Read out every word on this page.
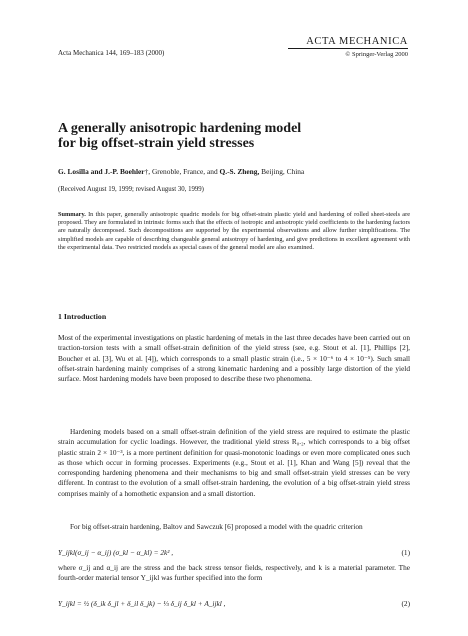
Acta Mechanica 144, 169–183 (2000)
ACTA MECHANICA
© Springer-Verlag 2000
A generally anisotropic hardening model
for big offset-strain yield stresses
G. Losilla and J.-P. Boehler†, Grenoble, France, and Q.-S. Zheng, Beijing, China
(Received August 19, 1999; revised August 30, 1999)
Summary. In this paper, generally anisotropic quadric models for big offset-strain plastic yield and hardening of rolled sheet-steels are proposed. They are formulated in intrinsic forms such that the effects of isotropic and anisotropic yield coefficients to the hardening factors are naturally decomposed. Such decompositions are supported by the experimental observations and allow further simplifications. The simplified models are capable of describing changeable general anisotropy of hardening, and give predictions in excellent agreement with the experimental data. Two restricted models as special cases of the general model are also examined.
1 Introduction
Most of the experimental investigations on plastic hardening of metals in the last three decades have been carried out on traction-torsion tests with a small offset-strain definition of the yield stress (see, e.g. Stout et al. [1], Phillips [2], Boucher et al. [3], Wu et al. [4]), which corresponds to a small plastic strain (i.e., 5 × 10⁻⁶ to 4 × 10⁻⁵). Such small offset-strain hardening mainly comprises of a strong kinematic hardening and a possibly large distortion of the yield surface. Most hardening models have been proposed to describe these two phenomena.
Hardening models based on a small offset-strain definition of the yield stress are required to estimate the plastic strain accumulation for cyclic loadings. However, the traditional yield stress R₀.₂, which corresponds to a big offset plastic strain 2 × 10⁻³, is a more pertinent definition for quasi-monotonic loadings or even more complicated ones such as those which occur in forming processes. Experiments (e.g., Stout et al. [1], Khan and Wang [5]) reveal that the corresponding hardening phenomena and their mechanisms to big and small offset-strain yield stresses can be very different. In contrast to the evolution of a small offset-strain hardening, the evolution of a big offset-strain yield stress comprises mainly of a homothetic expansion and a small distortion.
For big offset-strain hardening, Baltov and Sawczuk [6] proposed a model with the quadric criterion
Y_ijkl(σ_ij − α_ij) (σ_kl − α_kl) = 2k² ,	(1)
where σ_ij and α_ij are the stress and the back stress tensor fields, respectively, and k is a material parameter. The fourth-order material tensor Y_ijkl was further specified into the form
Y_ijkl = ½ (δ_ik δ_jl + δ_il δ_jk) − ⅓ δ_ij δ_kl + A_ijkl ,	(2)
